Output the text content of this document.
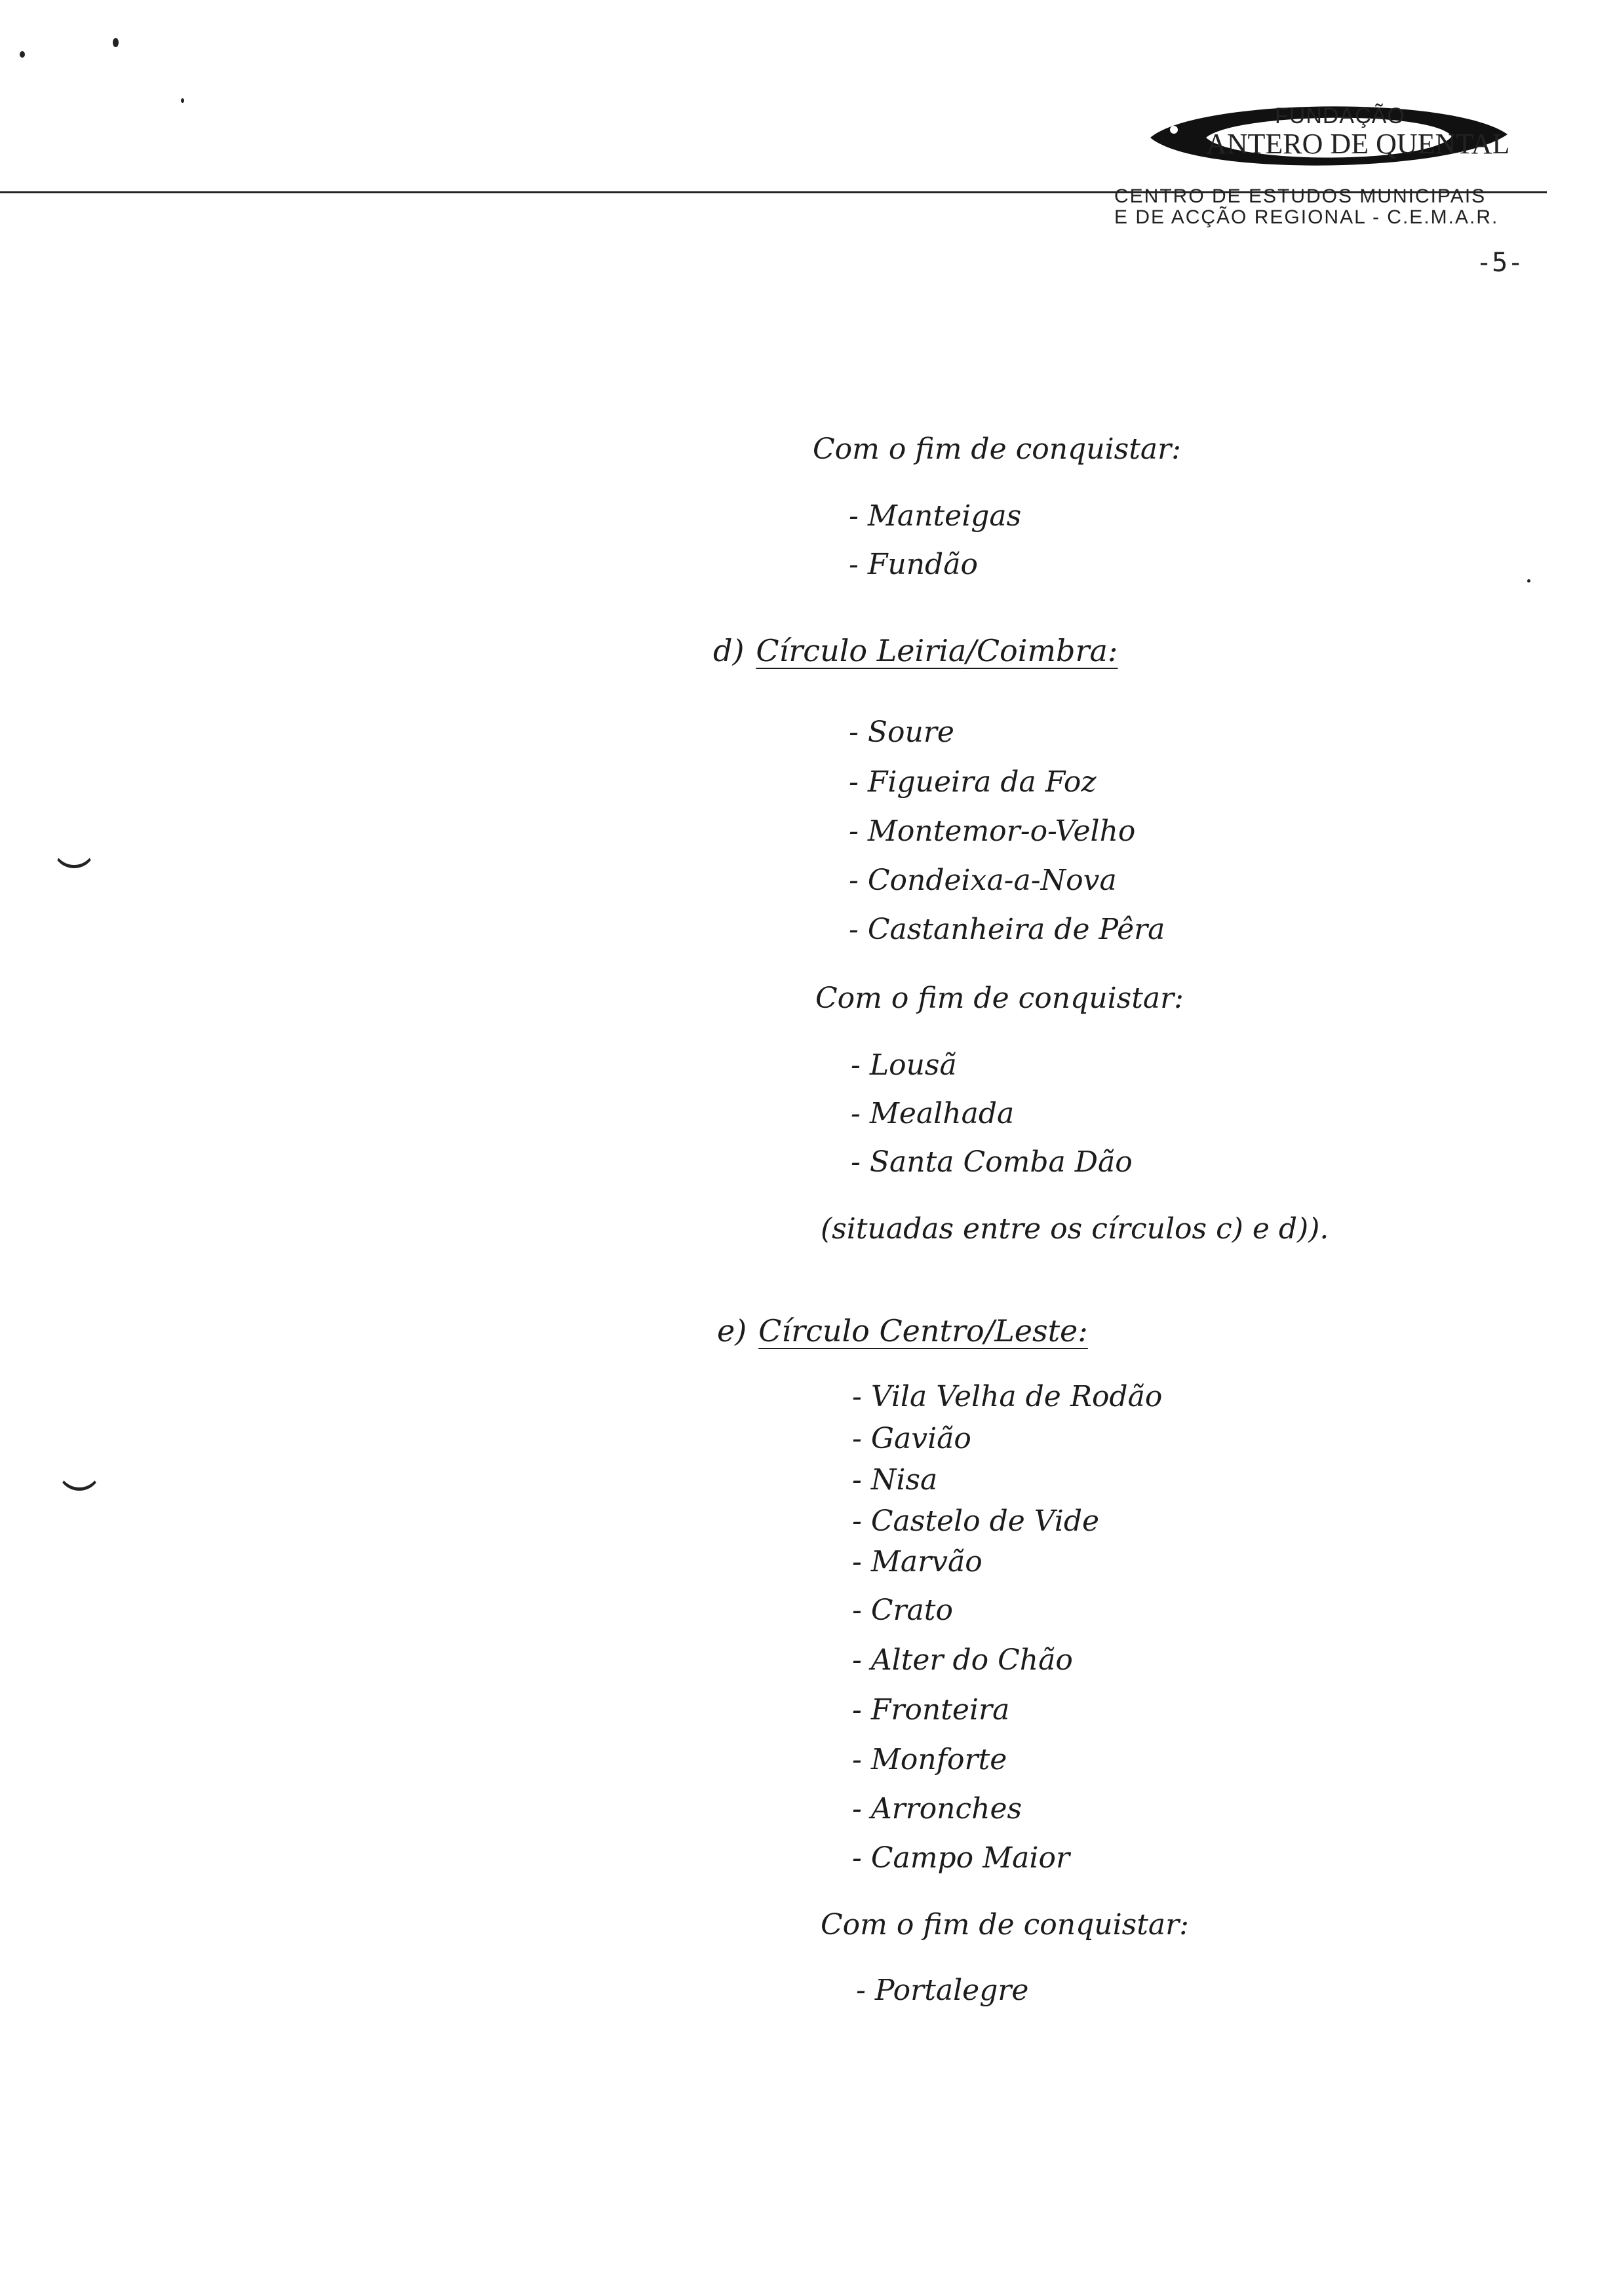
FUNDAÇÃO
ANTERO DE QUENTAL
CENTRO DE ESTUDOS MUNICIPAIS
E DE ACÇÃO REGIONAL - C.E.M.A.R.
-5-
Com o fim de conquistar:
- Manteigas
- Fundão
d) Círculo Leiria/Coimbra:
- Soure
- Figueira da Foz
- Montemor-o-Velho
- Condeixa-a-Nova
- Castanheira de Pêra
Com o fim de conquistar:
- Lousã
- Mealhada
- Santa Comba Dão
(situadas entre os círculos c) e d)).
e) Círculo Centro/Leste:
- Vila Velha de Rodão
- Gavião
- Nisa
- Castelo de Vide
- Marvão
- Crato
- Alter do Chão
- Fronteira
- Monforte
- Arronches
- Campo Maior
Com o fim de conquistar:
- Portalegre
